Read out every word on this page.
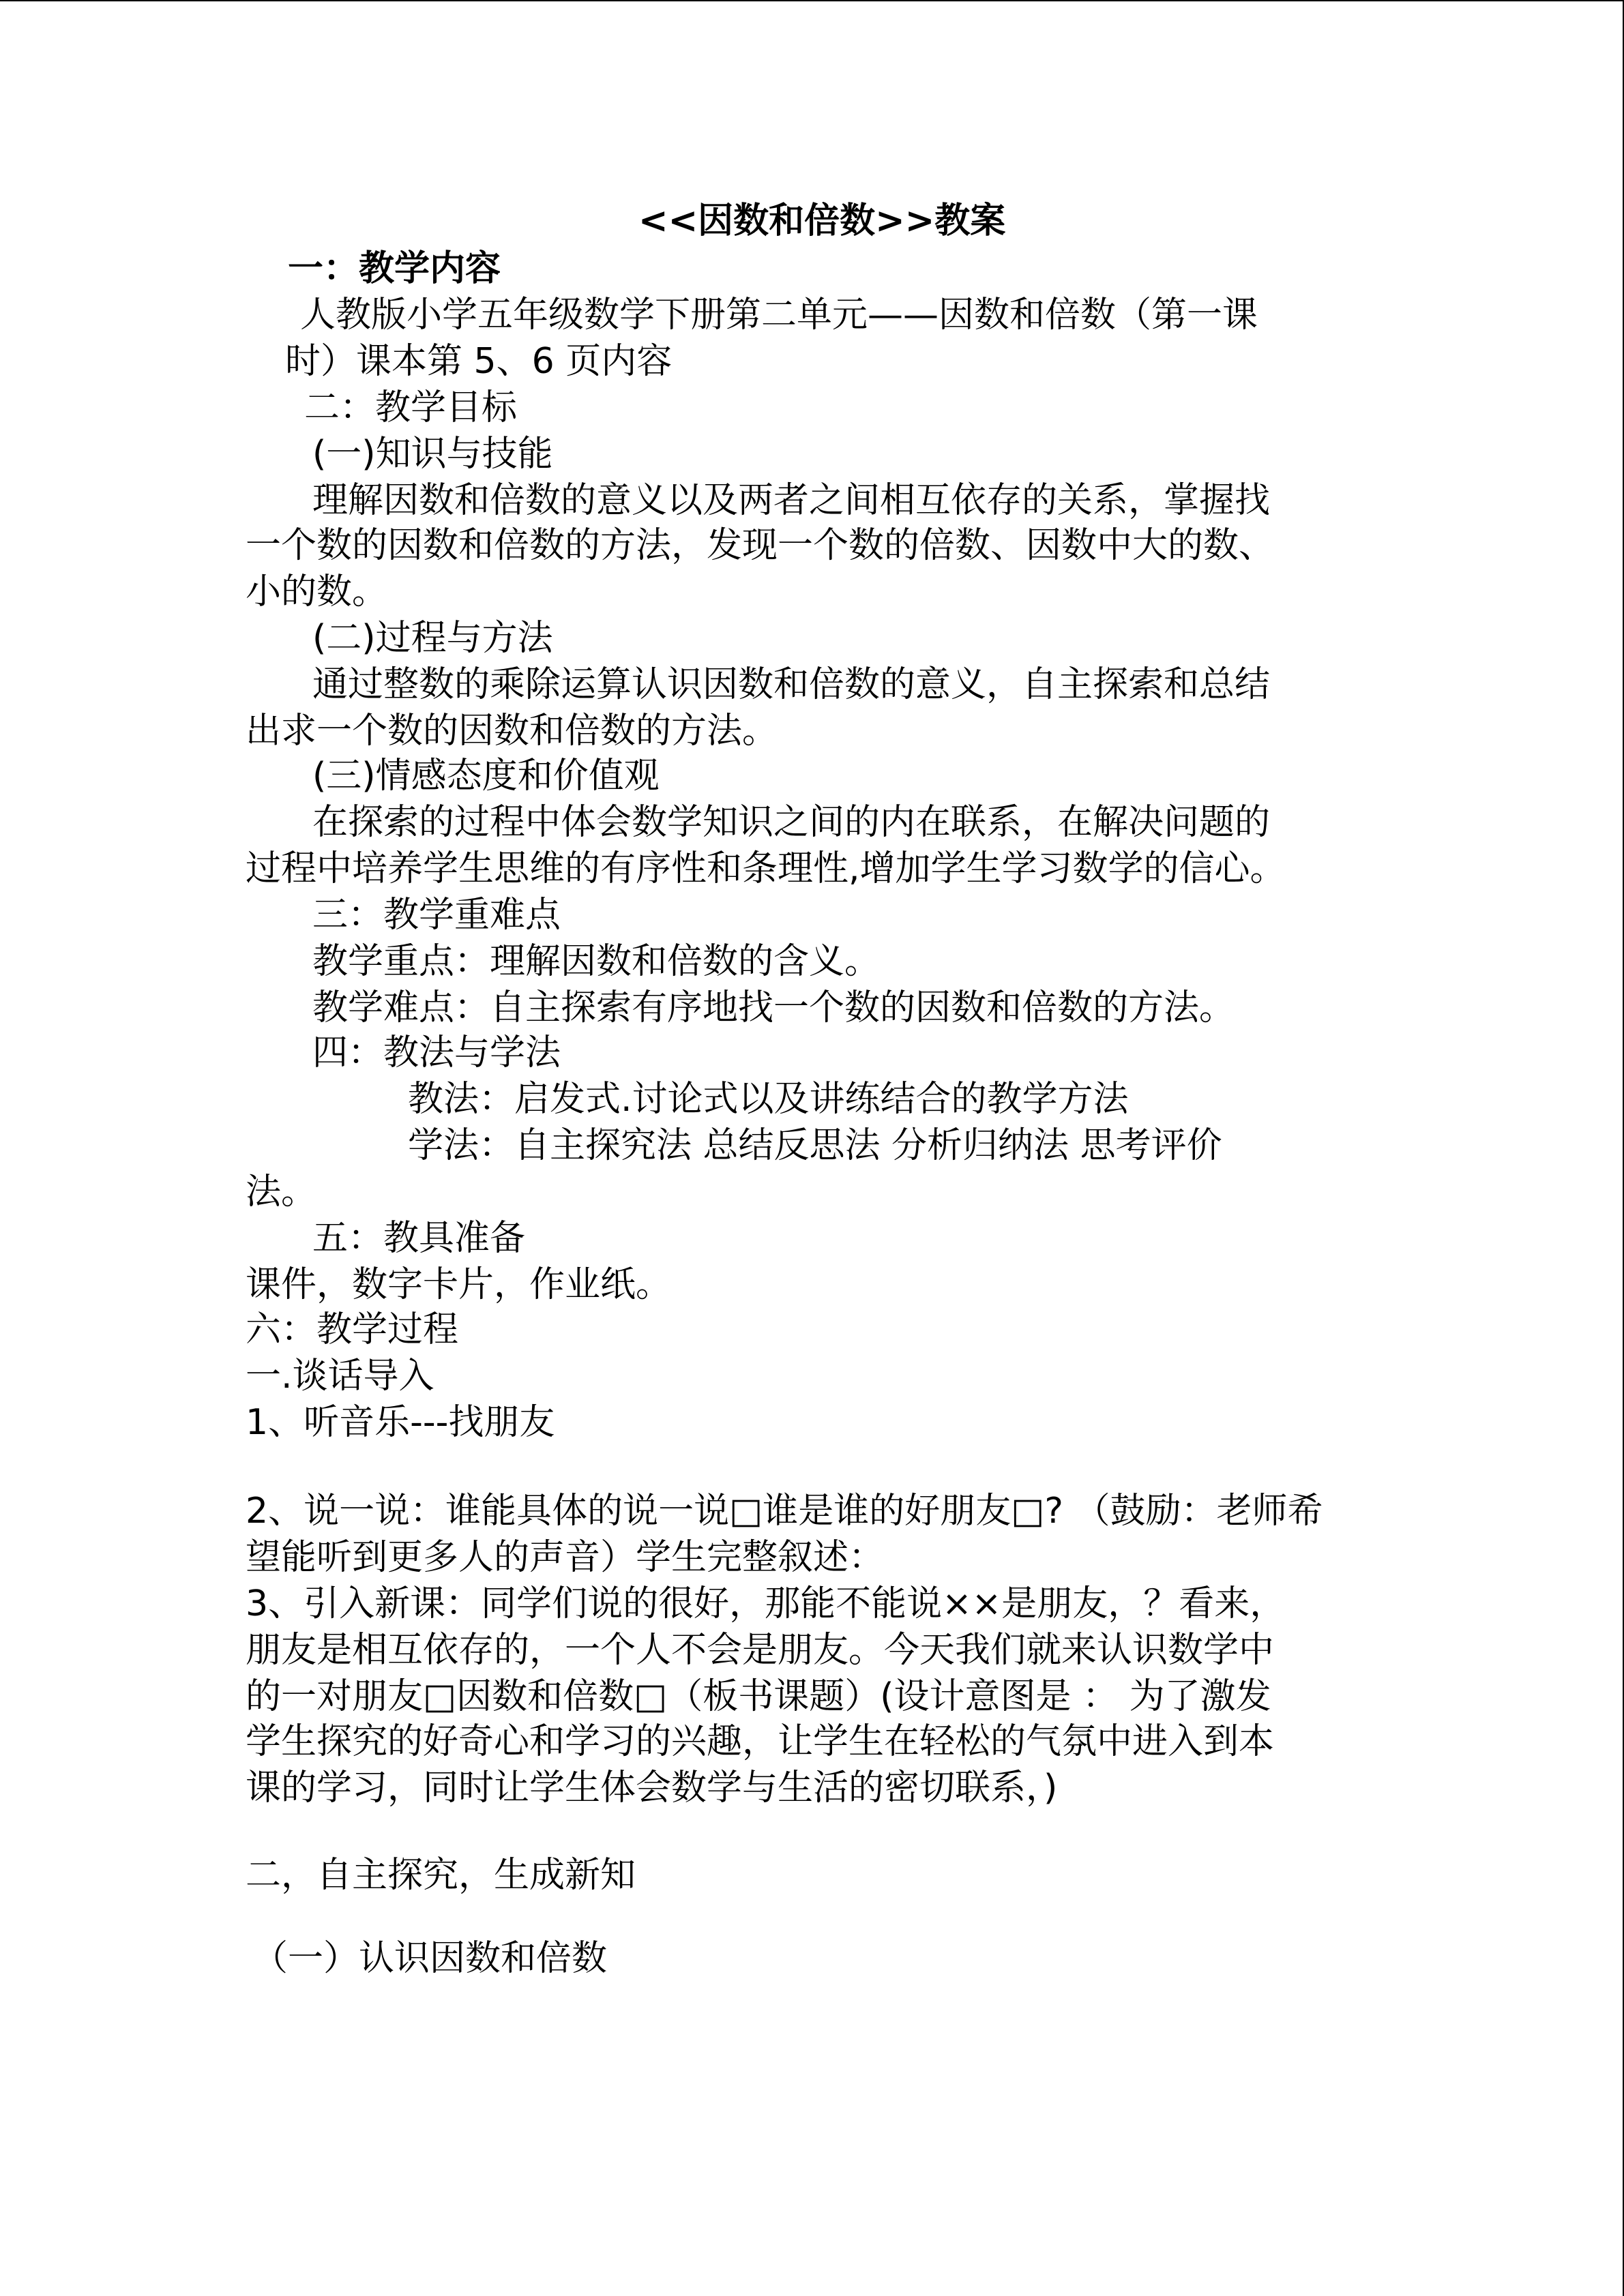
<<因数和倍数>>教案
一：教学内容
人教版小学五年级数学下册第二单元——因数和倍数（第一课
时）课本第 5、6 页内容
二：教学目标
(一)知识与技能
理解因数和倍数的意义以及两者之间相互依存的关系，掌握找
一个数的因数和倍数的方法，发现一个数的倍数、因数中大的数、
小的数。
(二)过程与方法
通过整数的乘除运算认识因数和倍数的意义，自主探索和总结
出求一个数的因数和倍数的方法。
(三)情感态度和价值观
在探索的过程中体会数学知识之间的内在联系，在解决问题的
过程中培养学生思维的有序性和条理性,增加学生学习数学的信心。
三：教学重难点
教学重点：理解因数和倍数的含义。
教学难点：自主探索有序地找一个数的因数和倍数的方法。
四：教法与学法
教法：启发式.讨论式以及讲练结合的教学方法
学法：自主探究法 总结反思法 分析归纳法 思考评价
法。
五：教具准备
课件，数字卡片，作业纸。
六：教学过程
一.谈话导入
1、听音乐---找朋友
2、说一说：谁能具体的说一说□谁是谁的好朋友□? （鼓励：老师希
望能听到更多人的声音）学生完整叙述：
3、引入新课：同学们说的很好，那能不能说××是朋友，？看来，
朋友是相互依存的，一个人不会是朋友。今天我们就来认识数学中
的一对朋友□因数和倍数□（板书课题）(设计意图是 ： 为了激发
学生探究的好奇心和学习的兴趣，让学生在轻松的气氛中进入到本
课的学习，同时让学生体会数学与生活的密切联系，)
二，自主探究，生成新知
（一）认识因数和倍数
